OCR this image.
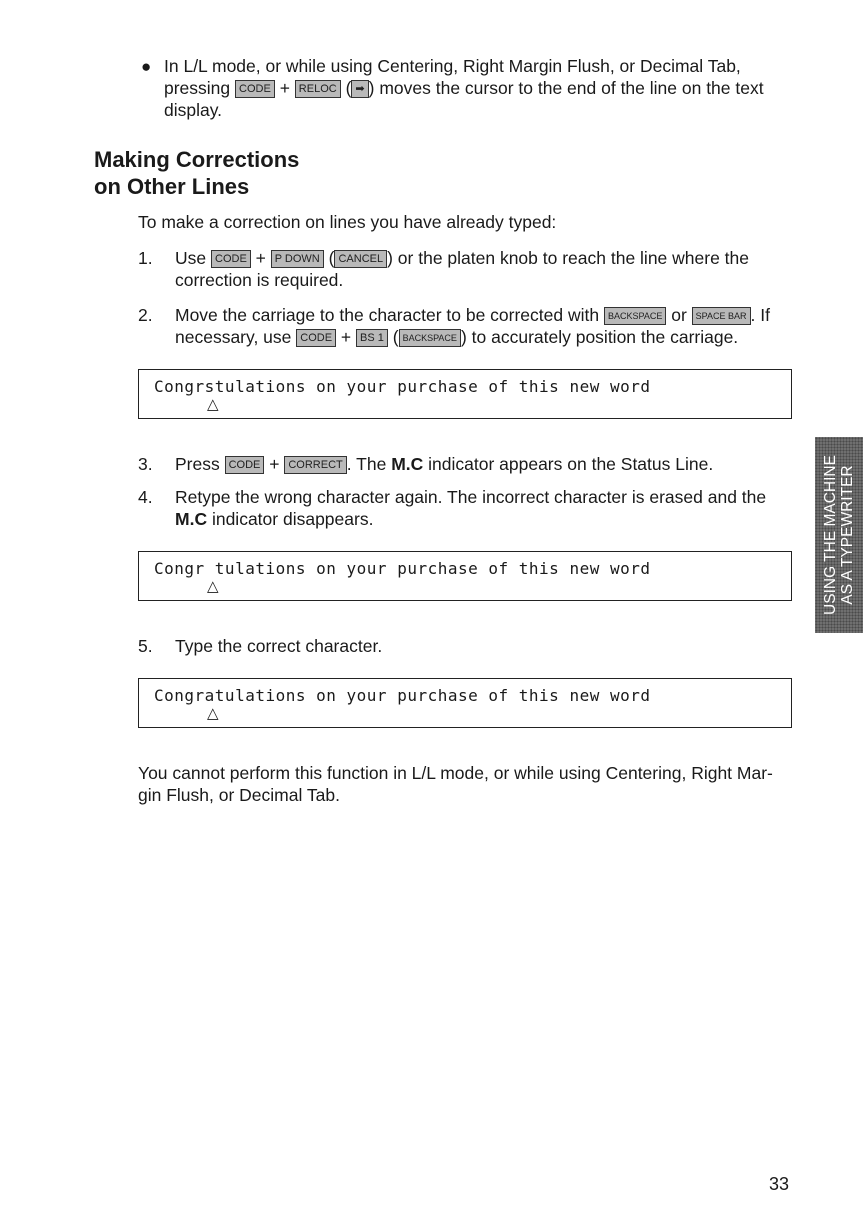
● In L/L mode, or while using Centering, Right Margin Flush, or Decimal Tab,
pressing CODE + RELOC ( ➡ ) moves the cursor to the end of the line on the text
display.
Making Corrections
on Other Lines
To make a correction on lines you have already typed:
1. Use CODE + P DOWN ( CANCEL ) or the platen knob to reach the line where the
correction is required.
2. Move the carriage to the character to be corrected with BACKSPACE or SPACE BAR . If
necessary, use CODE + BS 1 ( BACKSPACE ) to accurately position the carriage.
Congrstulations on your purchase of this new word
△
3. Press CODE + CORRECT . The M.C indicator appears on the Status Line.
4. Retype the wrong character again. The incorrect character is erased and the
M.C indicator disappears.
Congr tulations on your purchase of this new word
△
5. Type the correct character.
Congratulations on your purchase of this new word
△
You cannot perform this function in L/L mode, or while using Centering, Right Mar-
gin Flush, or Decimal Tab.
USING THE MACHINE AS A TYPEWRITER
33
